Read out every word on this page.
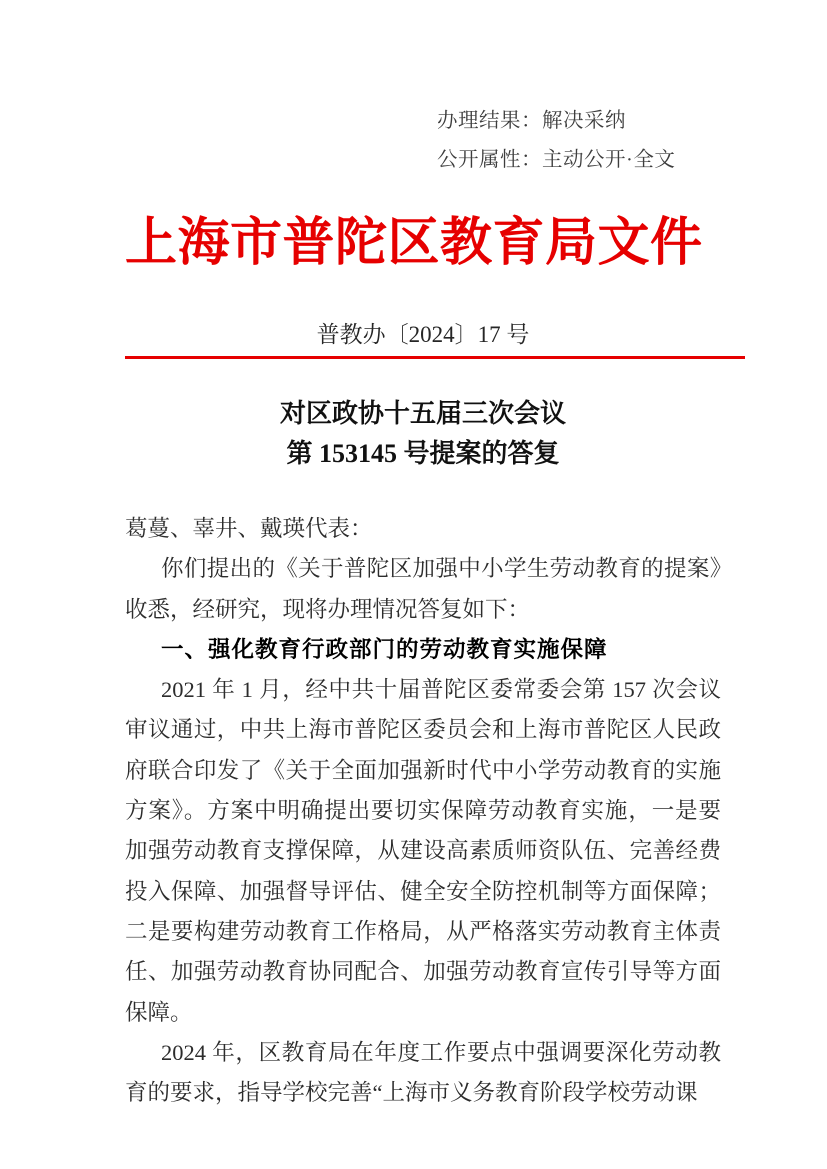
办理结果：解决采纳
公开属性：主动公开·全文
上海市普陀区教育局文件
普教办〔2024〕17 号
对区政协十五届三次会议
第 153145 号提案的答复

葛蔓、辜井、戴瑛代表：

你们提出的《关于普陀区加强中小学生劳动教育的提案》收悉，经研究，现将办理情况答复如下：

一、强化教育行政部门的劳动教育实施保障

2021 年 1 月，经中共十届普陀区委常委会第 157 次会议审议通过，中共上海市普陀区委员会和上海市普陀区人民政府联合印发了《关于全面加强新时代中小学劳动教育的实施方案》。方案中明确提出要切实保障劳动教育实施，一是要加强劳动教育支撑保障，从建设高素质师资队伍、完善经费投入保障、加强督导评估、健全安全防控机制等方面保障；二是要构建劳动教育工作格局，从严格落实劳动教育主体责任、加强劳动教育协同配合、加强劳动教育宣传引导等方面保障。

2024 年，区教育局在年度工作要点中强调要深化劳动教育的要求，指导学校完善“上海市义务教育阶段学校劳动课
